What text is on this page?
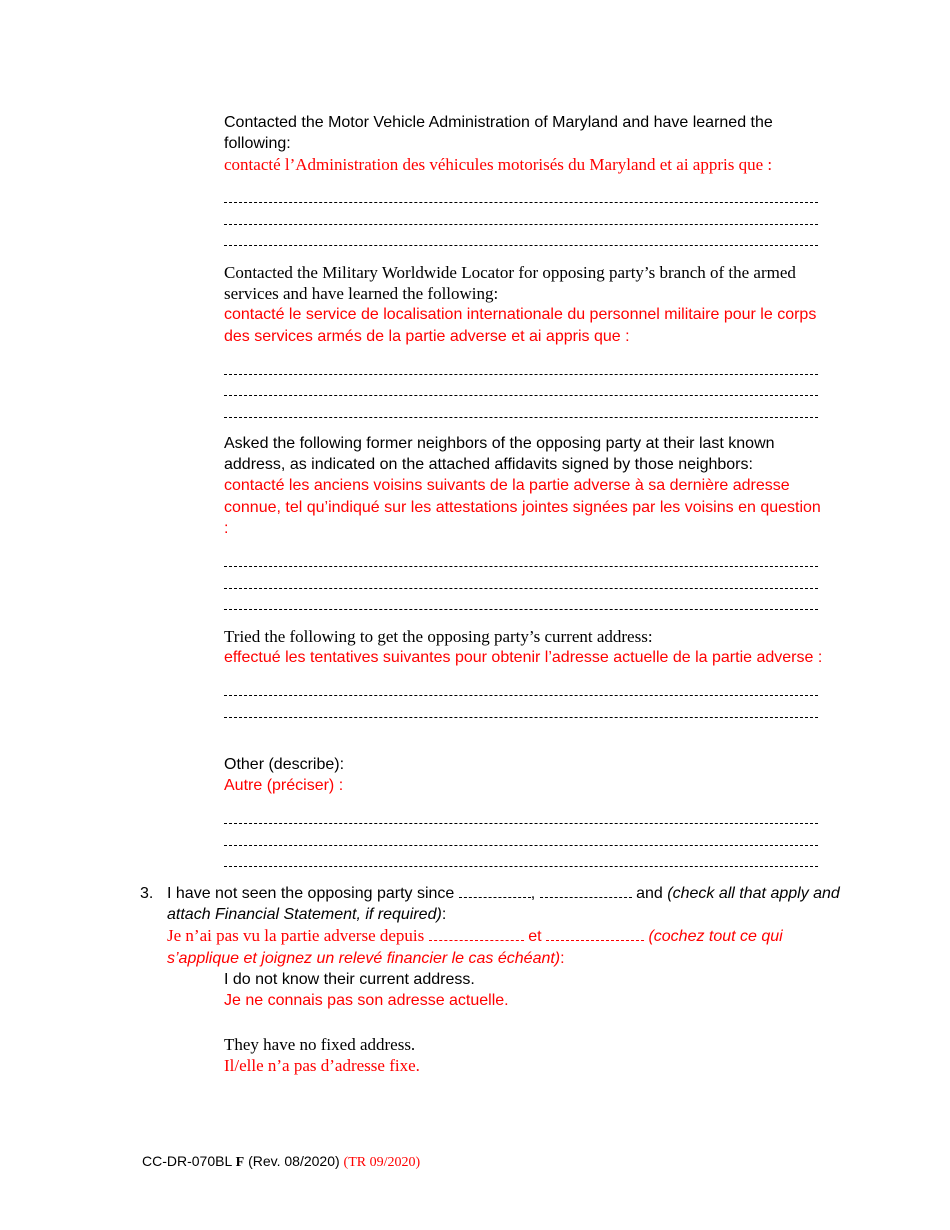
Contacted the Motor Vehicle Administration of Maryland and have learned the following:
contacté l’Administration des véhicules motorisés du Maryland et ai appris que :
Contacted the Military Worldwide Locator for opposing party’s branch of the armed services and have learned the following:
contacté le service de localisation internationale du personnel militaire pour le corps des services armés de la partie adverse et ai appris que :
Asked the following former neighbors of the opposing party at their last known address, as indicated on the attached affidavits signed by those neighbors:
contacté les anciens voisins suivants de la partie adverse à sa dernière adresse connue, tel qu’indiqué sur les attestations jointes signées par les voisins en question :
Tried the following to get the opposing party’s current address:
effectué les tentatives suivantes pour obtenir l’adresse actuelle de la partie adverse :
Other (describe):
Autre (préciser) :
3. I have not seen the opposing party since	,	and (check all that apply and attach Financial Statement, if required):
Je n’ai pas vu la partie adverse depuis	et	(cochez tout ce qui s’applique et joignez un relevé financier le cas échéant):
I do not know their current address.
Je ne connais pas son adresse actuelle.
They have no fixed address.
Il/elle n’a pas d’adresse fixe.
CC-DR-070BL F (Rev. 08/2020) (TR 09/2020)
